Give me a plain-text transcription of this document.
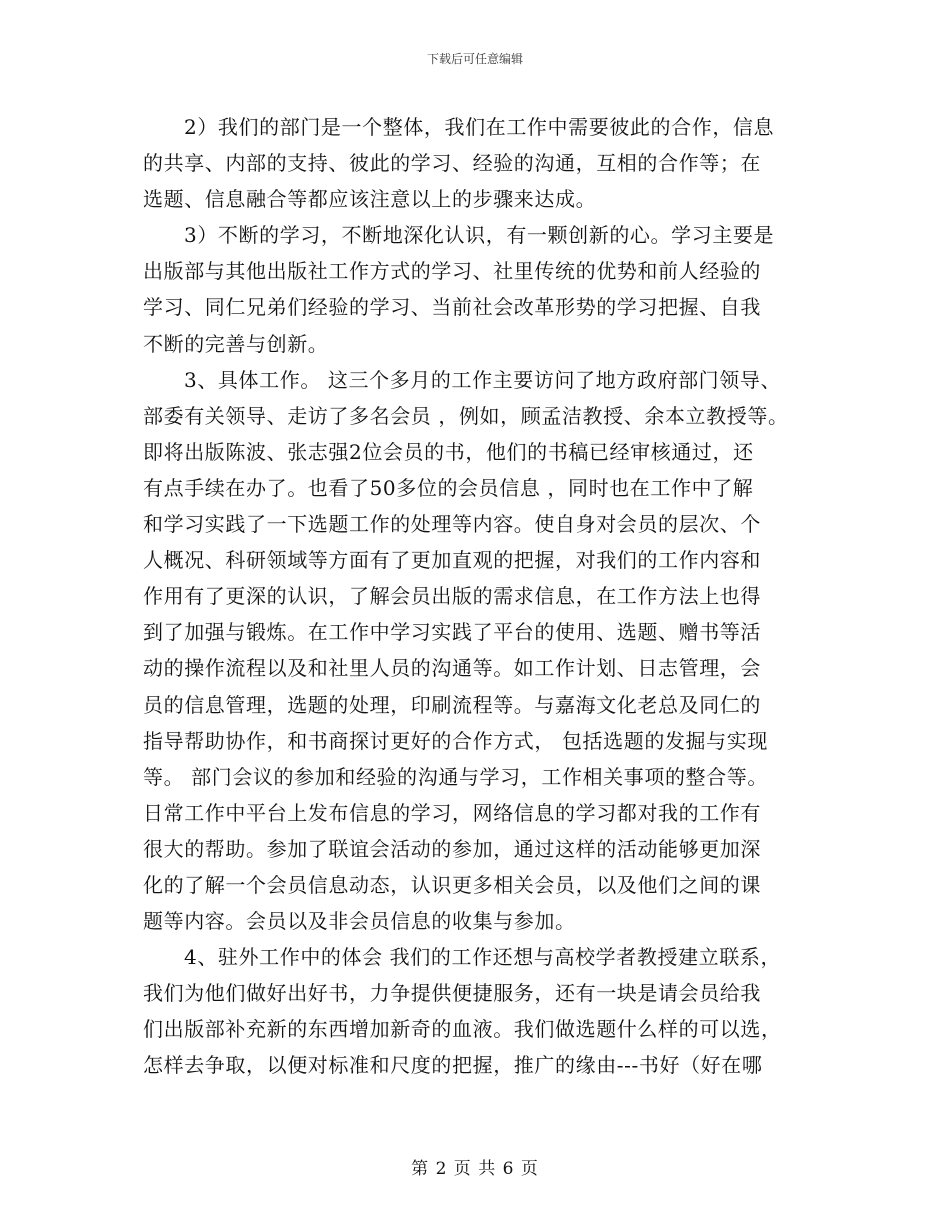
下载后可任意编辑
2）我们的部门是一个整体，我们在工作中需要彼此的合作，信息
的共享、内部的支持、彼此的学习、经验的沟通，互相的合作等；在
选题、信息融合等都应该注意以上的步骤来达成。
3）不断的学习，不断地深化认识，有一颗创新的心。学习主要是
出版部与其他出版社工作方式的学习、社里传统的优势和前人经验的
学习、同仁兄弟们经验的学习、当前社会改革形势的学习把握、自我
不断的完善与创新。
3、具体工作。 这三个多月的工作主要访问了地方政府部门领导、
部委有关领导、走访了多名会员 ，例如，顾孟洁教授、余本立教授等。
即将出版陈波、张志强2位会员的书，他们的书稿已经审核通过，还
有点手续在办了。也看了50多位的会员信息 ，同时也在工作中了解
和学习实践了一下选题工作的处理等内容。使自身对会员的层次、个
人概况、科研领域等方面有了更加直观的把握，对我们的工作内容和
作用有了更深的认识，了解会员出版的需求信息，在工作方法上也得
到了加强与锻炼。在工作中学习实践了平台的使用、选题、赠书等活
动的操作流程以及和社里人员的沟通等。如工作计划、日志管理，会
员的信息管理，选题的处理，印刷流程等。与嘉海文化老总及同仁的
指导帮助协作，和书商探讨更好的合作方式， 包括选题的发掘与实现
等。 部门会议的参加和经验的沟通与学习，工作相关事项的整合等。
日常工作中平台上发布信息的学习，网络信息的学习都对我的工作有
很大的帮助。参加了联谊会活动的参加，通过这样的活动能够更加深
化的了解一个会员信息动态，认识更多相关会员，以及他们之间的课
题等内容。会员以及非会员信息的收集与参加。
4、驻外工作中的体会 我们的工作还想与高校学者教授建立联系，
我们为他们做好出好书，力争提供便捷服务，还有一块是请会员给我
们出版部补充新的东西增加新奇的血液。我们做选题什么样的可以选，
怎样去争取，以便对标准和尺度的把握，推广的缘由---书好（好在哪
第 2 页 共 6 页
